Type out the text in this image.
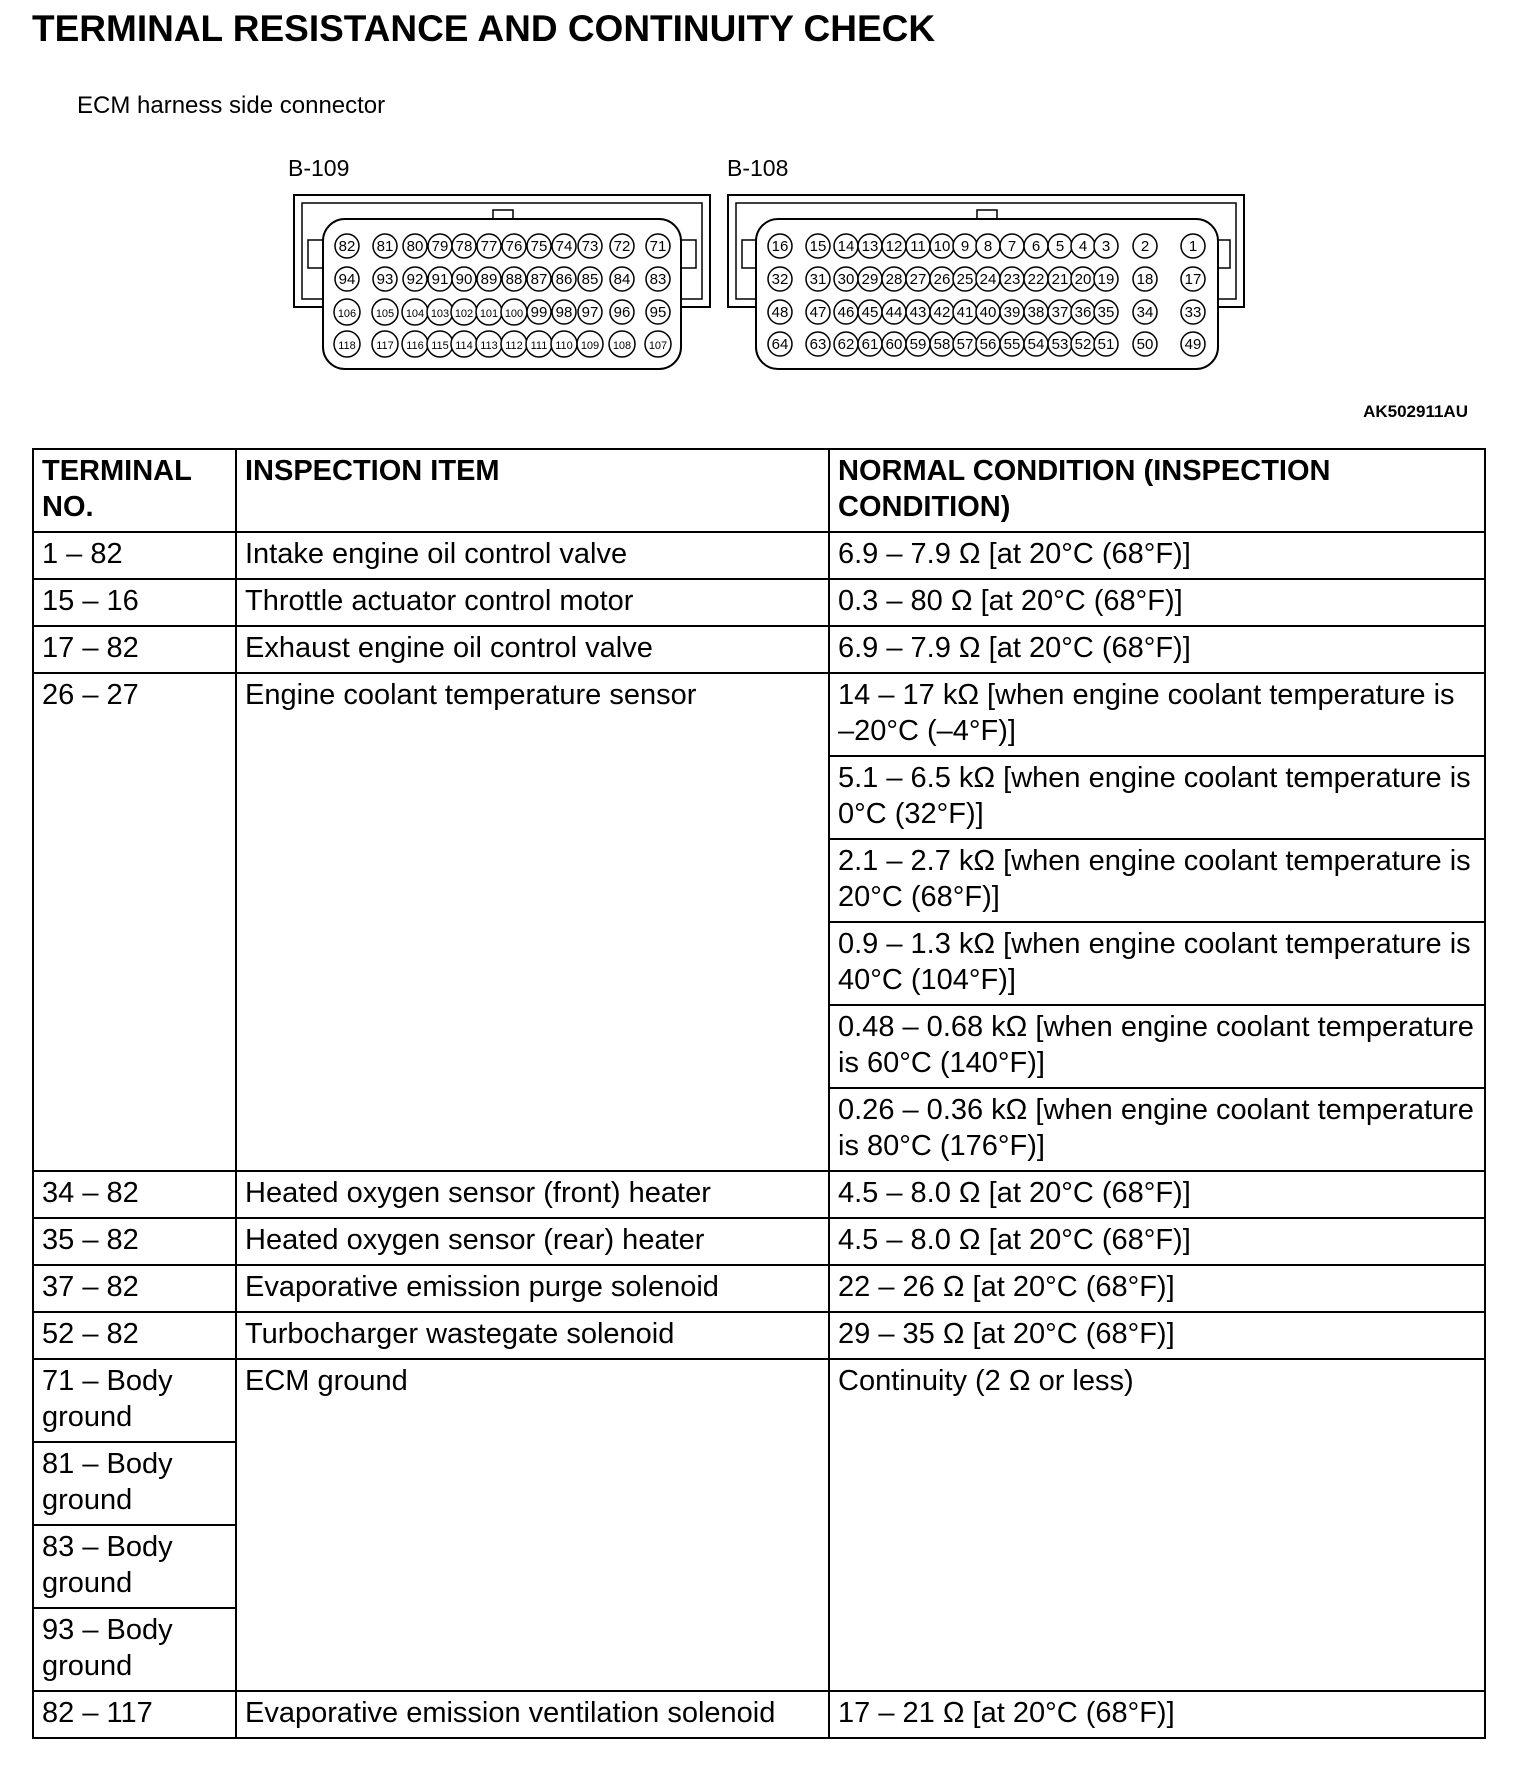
TERMINAL RESISTANCE AND CONTINUITY CHECK
ECM harness side connector
B-109	B-108
82 81 80 79 78 77 76 75 74 73 72 71
94 93 92 91 90 89 88 87 86 85 84 83
106 105 104 103 102 101 100 99 98 97 96 95
118 117 116 115 114 113 112 111 110 109 108 107
16 15 14 13 12 11 10 9 8 7 6 5 4 3 2	1
32 31 30 29 28 27 26 25 24 23 22 21 20 19 18 17
48 47 46 45 44 43 42 41 40 39 38 37 36 35 34 33
64 63 62 61 60 59 58 57 56 55 54 53 52 51 50 49
AK502911AU
TERMINAL NO.	INSPECTION ITEM	NORMAL CONDITION (INSPECTION CONDITION)
1 – 82	Intake engine oil control valve	6.9 – 7.9 Ω [at 20°C (68°F)]
15 – 16	Throttle actuator control motor	0.3 – 80 Ω [at 20°C (68°F)]
17 – 82	Exhaust engine oil control valve	6.9 – 7.9 Ω [at 20°C (68°F)]
26 – 27	Engine coolant temperature sensor	14 – 17 kΩ [when engine coolant temperature is –20°C (–4°F)]
		5.1 – 6.5 kΩ [when engine coolant temperature is 0°C (32°F)]
		2.1 – 2.7 kΩ [when engine coolant temperature is 20°C (68°F)]
		0.9 – 1.3 kΩ [when engine coolant temperature is 40°C (104°F)]
		0.48 – 0.68 kΩ [when engine coolant temperature is 60°C (140°F)]
		0.26 – 0.36 kΩ [when engine coolant temperature is 80°C (176°F)]
34 – 82	Heated oxygen sensor (front) heater	4.5 – 8.0 Ω [at 20°C (68°F)]
35 – 82	Heated oxygen sensor (rear) heater	4.5 – 8.0 Ω [at 20°C (68°F)]
37 – 82	Evaporative emission purge solenoid	22 – 26 Ω [at 20°C (68°F)]
52 – 82	Turbocharger wastegate solenoid	29 – 35 Ω [at 20°C (68°F)]
71 – Body ground	ECM ground	Continuity (2 Ω or less)
81 – Body ground		
83 – Body ground		
93 – Body ground		
82 – 117	Evaporative emission ventilation solenoid	17 – 21 Ω [at 20°C (68°F)]
